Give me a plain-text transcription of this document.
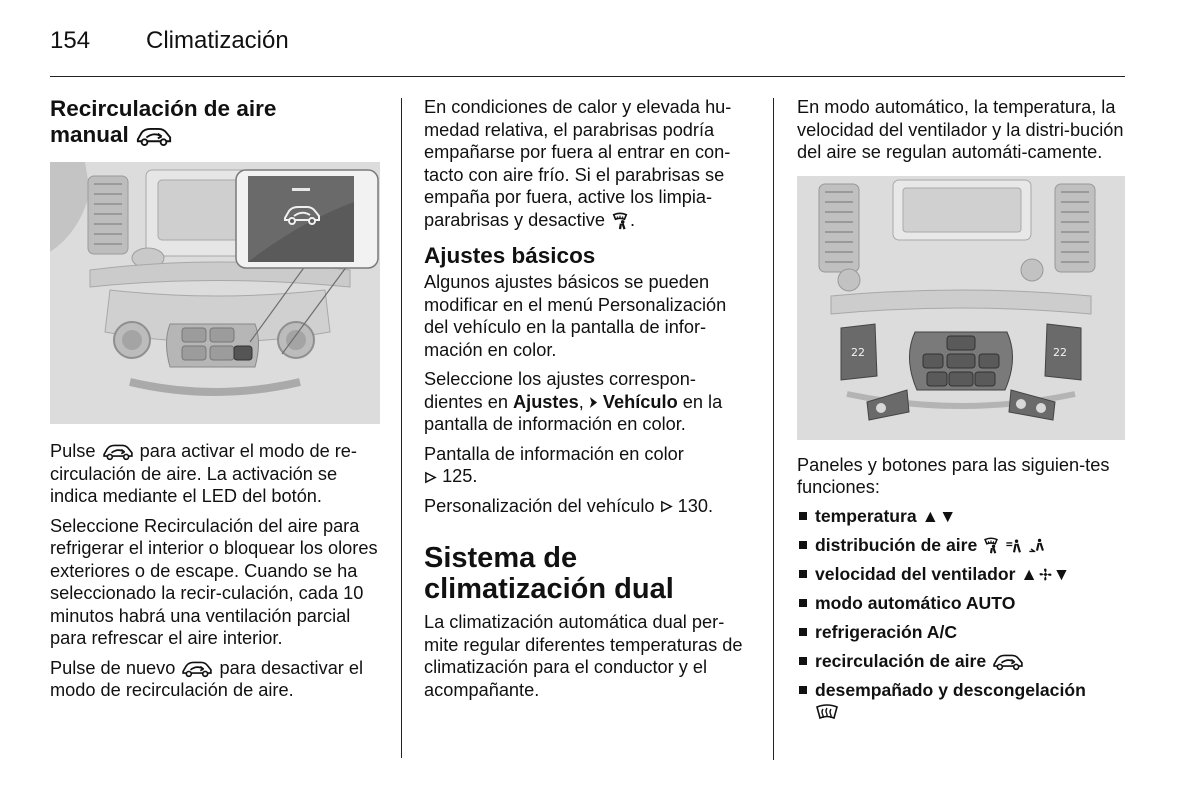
154 Climatización
Recirculación de aire
manual

Pulse para activar el modo de re-circulación de aire. La activación se indica mediante el LED del botón.

Seleccione Recirculación del aire para refrigerar el interior o bloquear los olores exteriores o de escape. Cuando se ha seleccionado la recir-culación, cada 10 minutos habrá una ventilación parcial para refrescar el aire interior.

Pulse de nuevo para desactivar el modo de recirculación de aire.

En condiciones de calor y elevada hu-medad relativa, el parabrisas podría empañarse por fuera al entrar en con-tacto con aire frío. Si el parabrisas se empaña por fuera, active los limpia-parabrisas y desactive .

Ajustes básicos

Algunos ajustes básicos se pueden modificar en el menú Personalización del vehículo en la pantalla de infor-mación en color.

Seleccione los ajustes correspon-dientes en Ajustes, Vehículo en la pantalla de información en color.

Pantalla de información en color
125.

Personalización del vehículo 130.

Sistema de climatización dual

La climatización automática dual per-mite regular diferentes temperaturas de climatización para el conductor y el acompañante.

En modo automático, la temperatura, la velocidad del ventilador y la distri-bución del aire se regulan automáti-camente.

22	22

Paneles y botones para las siguien-tes funciones:

temperatura ▲▼
distribución de aire
velocidad del ventilador ▲ ▼
modo automático AUTO
refrigeración A/C
recirculación de aire
desempañado y descongelación
